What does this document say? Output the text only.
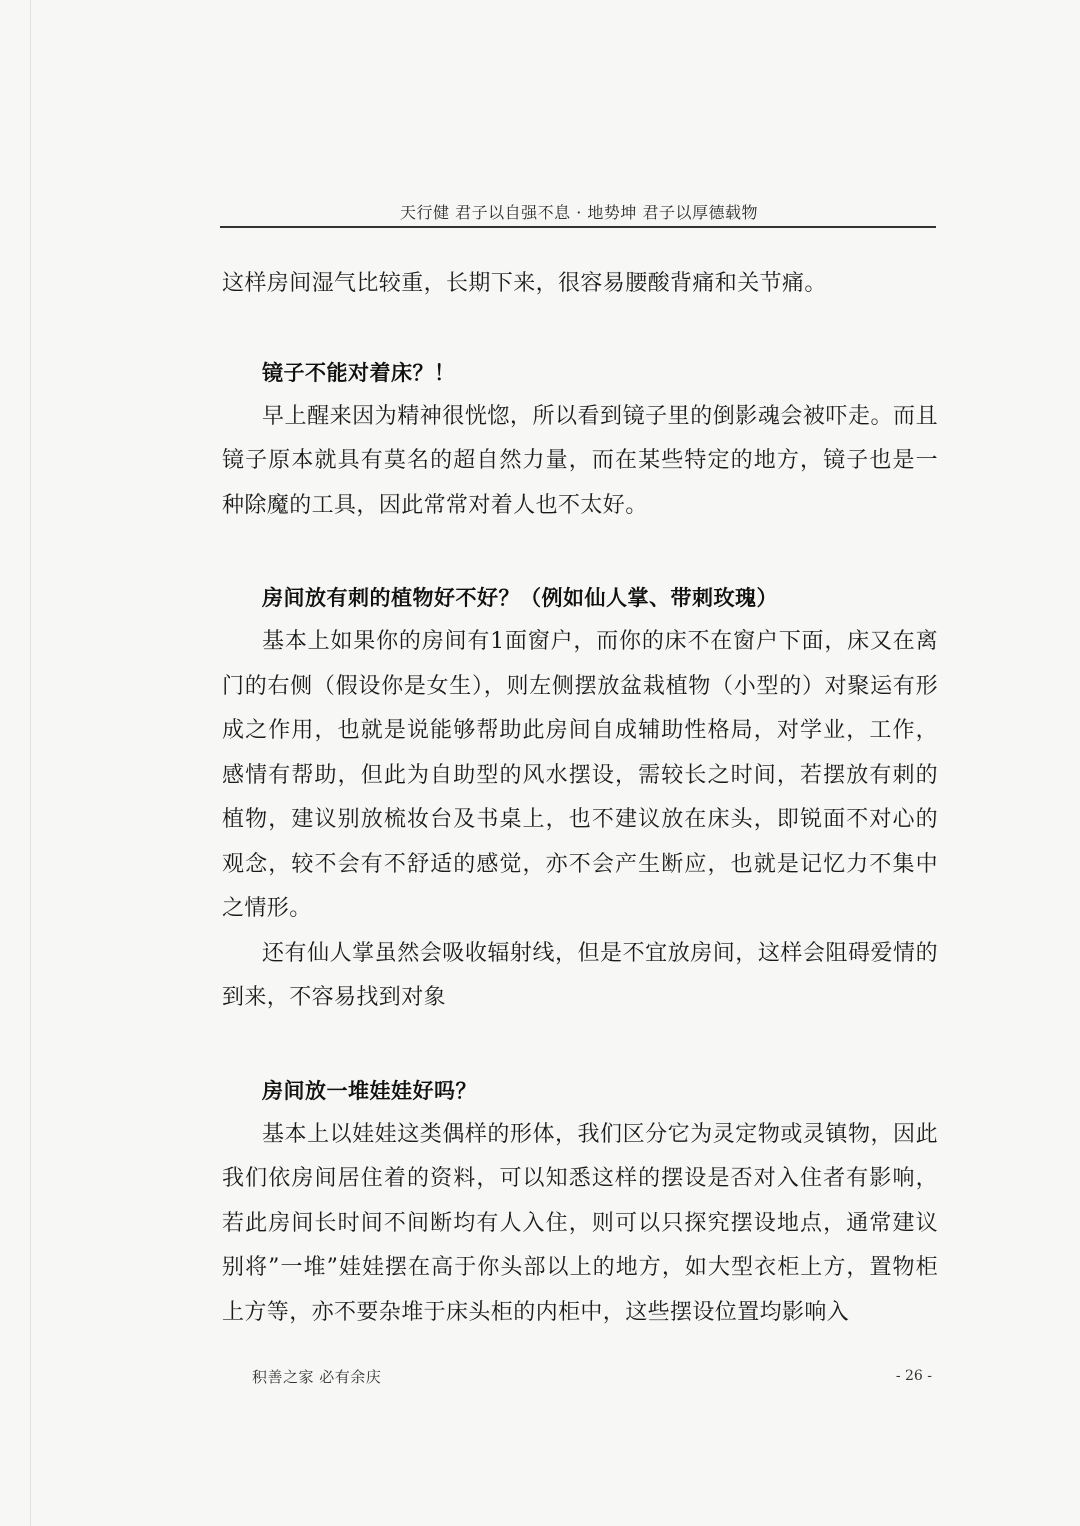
天行健 君子以自强不息 · 地势坤 君子以厚德载物

这样房间湿气比较重，长期下来，很容易腰酸背痛和关节痛。

镜子不能对着床？！

早上醒来因为精神很恍惚，所以看到镜子里的倒影魂会被吓走。而且镜子原本就具有莫名的超自然力量，而在某些特定的地方，镜子也是一种除魔的工具，因此常常对着人也不太好。

房间放有刺的植物好不好？（例如仙人掌、带刺玫瑰）

基本上如果你的房间有1面窗户，而你的床不在窗户下面，床又在离门的右侧（假设你是女生），则左侧摆放盆栽植物（小型的）对聚运有形成之作用，也就是说能够帮助此房间自成辅助性格局，对学业，工作，感情有帮助，但此为自助型的风水摆设，需较长之时间，若摆放有刺的植物，建议别放梳妆台及书桌上，也不建议放在床头，即锐面不对心的观念，较不会有不舒适的感觉，亦不会产生断应，也就是记忆力不集中之情形。

还有仙人掌虽然会吸收辐射线，但是不宜放房间，这样会阻碍爱情的到来，不容易找到对象

房间放一堆娃娃好吗？

基本上以娃娃这类偶样的形体，我们区分它为灵定物或灵镇物，因此我们依房间居住着的资料，可以知悉这样的摆设是否对入住者有影响，若此房间长时间不间断均有人入住，则可以只探究摆设地点，通常建议别将”一堆”娃娃摆在高于你头部以上的地方，如大型衣柜上方，置物柜上方等，亦不要杂堆于床头柜的内柜中，这些摆设位置均影响入

积善之家 必有余庆	- 26 -
